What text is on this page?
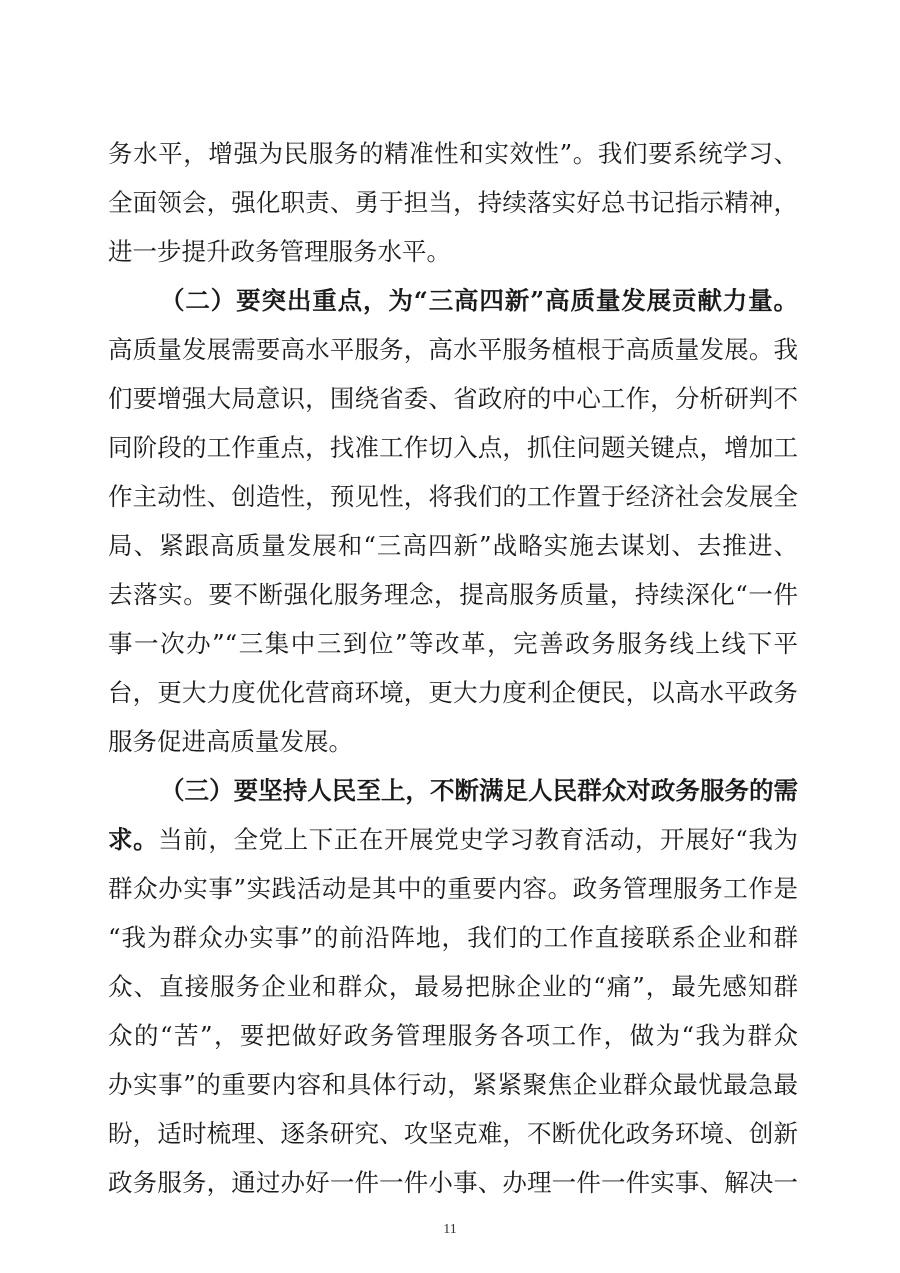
务水平，增强为民服务的精准性和实效性”。我们要系统学习、
全面领会，强化职责、勇于担当，持续落实好总书记指示精神，
进一步提升政务管理服务水平。
（二）要突出重点，为“三高四新”高质量发展贡献力量。
高质量发展需要高水平服务，高水平服务植根于高质量发展。我
们要增强大局意识，围绕省委、省政府的中心工作，分析研判不
同阶段的工作重点，找准工作切入点，抓住问题关键点，增加工
作主动性、创造性，预见性，将我们的工作置于经济社会发展全
局、紧跟高质量发展和“三高四新”战略实施去谋划、去推进、
去落实。要不断强化服务理念，提高服务质量，持续深化“一件
事一次办”“三集中三到位”等改革，完善政务服务线上线下平
台，更大力度优化营商环境，更大力度利企便民，以高水平政务
服务促进高质量发展。
（三）要坚持人民至上，不断满足人民群众对政务服务的需
求。当前，全党上下正在开展党史学习教育活动，开展好“我为
群众办实事”实践活动是其中的重要内容。政务管理服务工作是
“我为群众办实事”的前沿阵地，我们的工作直接联系企业和群
众、直接服务企业和群众，最易把脉企业的“痛”，最先感知群
众的“苦”，要把做好政务管理服务各项工作，做为“我为群众
办实事”的重要内容和具体行动，紧紧聚焦企业群众最忧最急最
盼，适时梳理、逐条研究、攻坚克难，不断优化政务环境、创新
政务服务，通过办好一件一件小事、办理一件一件实事、解决一
11
